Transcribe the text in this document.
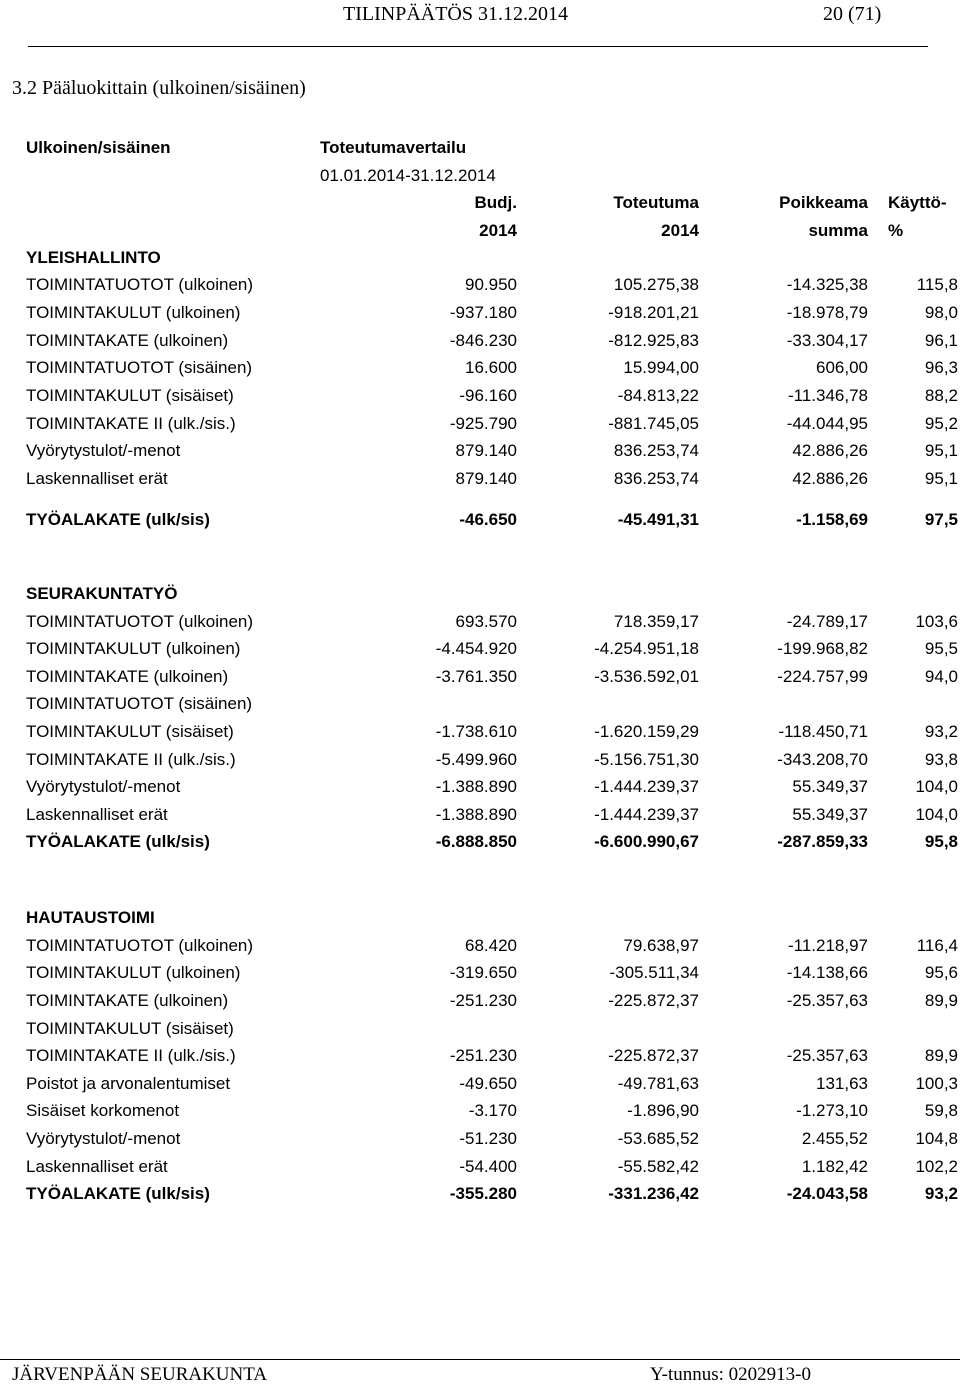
TILINPÄÄTÖS 31.12.2014	20 (71)
3.2 Pääluokittain (ulkoinen/sisäinen)
Ulkoinen/sisäinen	Toteutumavertailu
01.01.2014-31.12.2014
Budj.	Toteutuma	Poikkeama Käyttö-
2014	2014	summa %
YLEISHALLINTO
TOIMINTATUOTOT (ulkoinen)	90.950	105.275,38	-14.325,38	115,8
TOIMINTAKULUT (ulkoinen)	-937.180	-918.201,21	-18.978,79	98,0
TOIMINTAKATE (ulkoinen)	-846.230	-812.925,83	-33.304,17	96,1
TOIMINTATUOTOT (sisäinen)	16.600	15.994,00	606,00	96,3
TOIMINTAKULUT (sisäiset)	-96.160	-84.813,22	-11.346,78	88,2
TOIMINTAKATE II (ulk./sis.)	-925.790	-881.745,05	-44.044,95	95,2
Vyörytystulot/-menot	879.140	836.253,74	42.886,26	95,1
Laskennalliset erät	879.140	836.253,74	42.886,26	95,1
TYÖALAKATE (ulk/sis)	-46.650	-45.491,31	-1.158,69	97,5
SEURAKUNTATYÖ
TOIMINTATUOTOT (ulkoinen)	693.570	718.359,17	-24.789,17	103,6
TOIMINTAKULUT (ulkoinen)	-4.454.920	-4.254.951,18	-199.968,82	95,5
TOIMINTAKATE (ulkoinen)	-3.761.350	-3.536.592,01	-224.757,99	94,0
TOIMINTATUOTOT (sisäinen)
TOIMINTAKULUT (sisäiset)	-1.738.610	-1.620.159,29	-118.450,71	93,2
TOIMINTAKATE II (ulk./sis.)	-5.499.960	-5.156.751,30	-343.208,70	93,8
Vyörytystulot/-menot	-1.388.890	-1.444.239,37	55.349,37	104,0
Laskennalliset erät	-1.388.890	-1.444.239,37	55.349,37	104,0
TYÖALAKATE (ulk/sis)	-6.888.850	-6.600.990,67	-287.859,33	95,8
HAUTAUSTOIMI
TOIMINTATUOTOT (ulkoinen)	68.420	79.638,97	-11.218,97	116,4
TOIMINTAKULUT (ulkoinen)	-319.650	-305.511,34	-14.138,66	95,6
TOIMINTAKATE (ulkoinen)	-251.230	-225.872,37	-25.357,63	89,9
TOIMINTAKULUT (sisäiset)
TOIMINTAKATE II (ulk./sis.)	-251.230	-225.872,37	-25.357,63	89,9
Poistot ja arvonalentumiset	-49.650	-49.781,63	131,63	100,3
Sisäiset korkomenot	-3.170	-1.896,90	-1.273,10	59,8
Vyörytystulot/-menot	-51.230	-53.685,52	2.455,52	104,8
Laskennalliset erät	-54.400	-55.582,42	1.182,42	102,2
TYÖALAKATE (ulk/sis)	-355.280	-331.236,42	-24.043,58	93,2
JÄRVENPÄÄN SEURAKUNTA	Y-tunnus: 0202913-0
